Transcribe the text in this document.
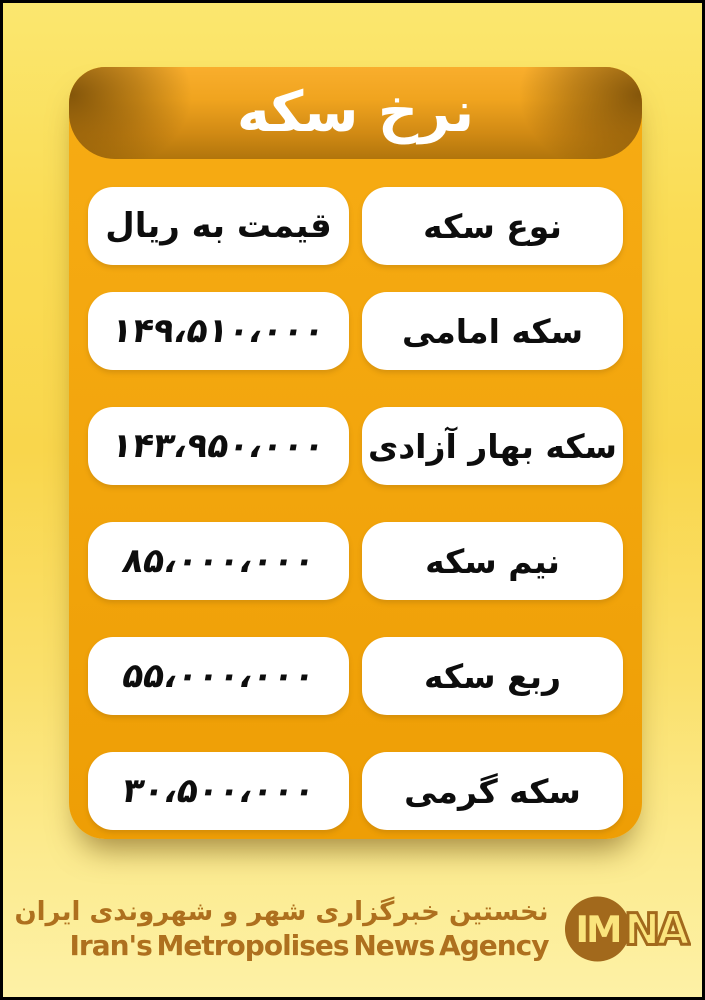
نرخ سکه
نوع سکه
قیمت به ریال
سکه امامی
۱۴۹،۵۱۰،۰۰۰
سکه بهار آزادی
۱۴۳،۹۵۰،۰۰۰
نیم سکه
۸۵،۰۰۰،۰۰۰
ربع سکه
۵۵،۰۰۰،۰۰۰
سکه گرمی
۳۰،۵۰۰،۰۰۰
نخستین خبرگزاری شهر و شهروندی ایران
Iran's Metropolises News Agency IM NA
